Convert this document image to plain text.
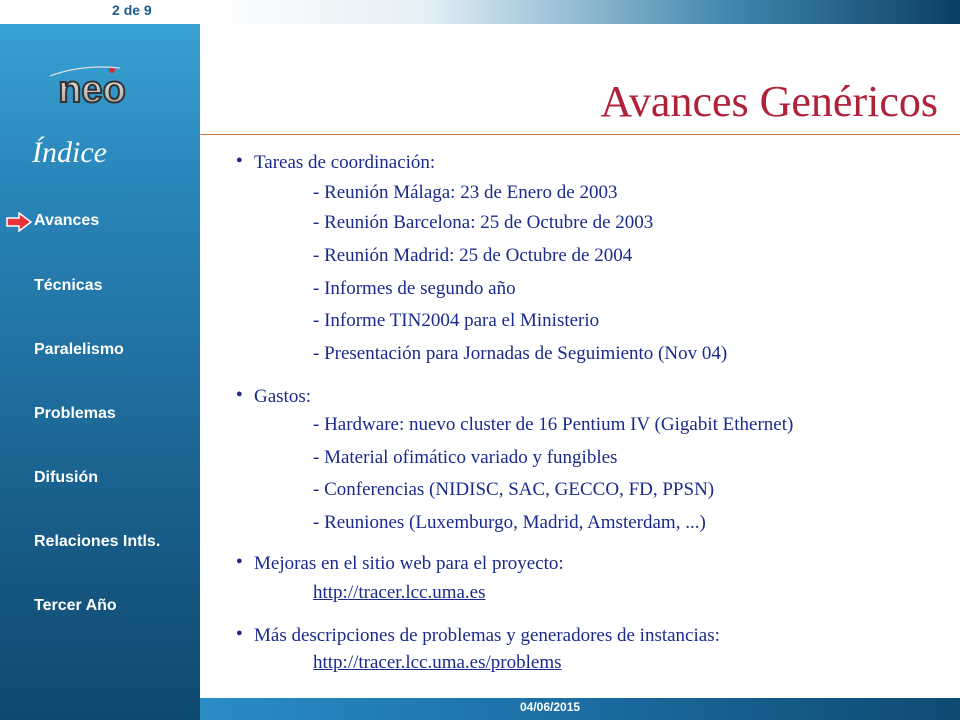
2 de 9
neo
Índice
Avances
Técnicas
Paralelismo
Problemas
Difusión
Relaciones Intls.
Tercer Año
Avances Genéricos
● Tareas de coordinación:
- Reunión Málaga: 23 de Enero de 2003
- Reunión Barcelona: 25 de Octubre de 2003
- Reunión Madrid: 25 de Octubre de 2004
- Informes de segundo año
- Informe TIN2004 para el Ministerio
- Presentación para Jornadas de Seguimiento (Nov 04)
● Gastos:
- Hardware: nuevo cluster de 16 Pentium IV (Gigabit Ethernet)
- Material ofimático variado y fungibles
- Conferencias (NIDISC, SAC, GECCO, FD, PPSN)
- Reuniones (Luxemburgo, Madrid, Amsterdam, ...)
● Mejoras en el sitio web para el proyecto:
http://tracer.lcc.uma.es
● Más descripciones de problemas y generadores de instancias:
http://tracer.lcc.uma.es/problems
04/06/2015
